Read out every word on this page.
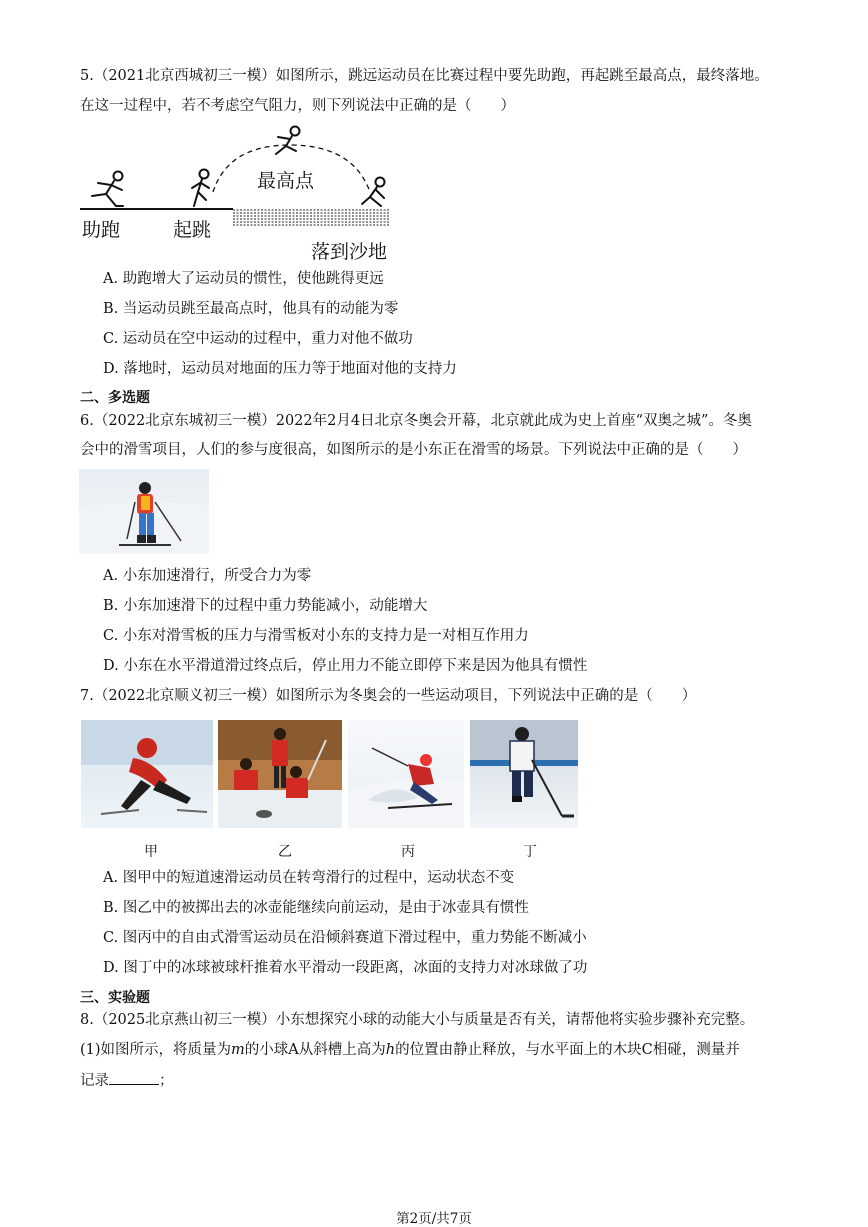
5.（2021北京西城初三一模）如图所示，跳远运动员在比赛过程中要先助跑，再起跳至最高点，最终落地。
在这一过程中，若不考虑空气阻力，则下列说法中正确的是（　　）
最高点
助跑	起跳
落到沙地
A. 助跑增大了运动员的惯性，使他跳得更远
B. 当运动员跳至最高点时，他具有的动能为零
C. 运动员在空中运动的过程中，重力对他不做功
D. 落地时，运动员对地面的压力等于地面对他的支持力
二、多选题
6.（2022北京东城初三一模）2022年2月4日北京冬奥会开幕，北京就此成为史上首座“双奥之城”。冬奥
会中的滑雪项目，人们的参与度很高，如图所示的是小东正在滑雪的场景。下列说法中正确的是（　　）
A. 小东加速滑行，所受合力为零
B. 小东加速滑下的过程中重力势能减小，动能增大
C. 小东对滑雪板的压力与滑雪板对小东的支持力是一对相互作用力
D. 小东在水平滑道滑过终点后，停止用力不能立即停下来是因为他具有惯性
7.（2022北京顺义初三一模）如图所示为冬奥会的一些运动项目，下列说法中正确的是（　　）
甲	乙	丙	丁
A. 图甲中的短道速滑运动员在转弯滑行的过程中，运动状态不变
B. 图乙中的被掷出去的冰壶能继续向前运动，是由于冰壶具有惯性
C. 图丙中的自由式滑雪运动员在沿倾斜赛道下滑过程中，重力势能不断减小
D. 图丁中的冰球被球杆推着水平滑动一段距离，冰面的支持力对冰球做了功
三、实验题
8.（2025北京燕山初三一模）小东想探究小球的动能大小与质量是否有关，请帮他将实验步骤补充完整。
(1)如图所示，将质量为m的小球A从斜槽上高为h的位置由静止释放，与水平面上的木块C相碰，测量并
记录	；
第2页/共7页
